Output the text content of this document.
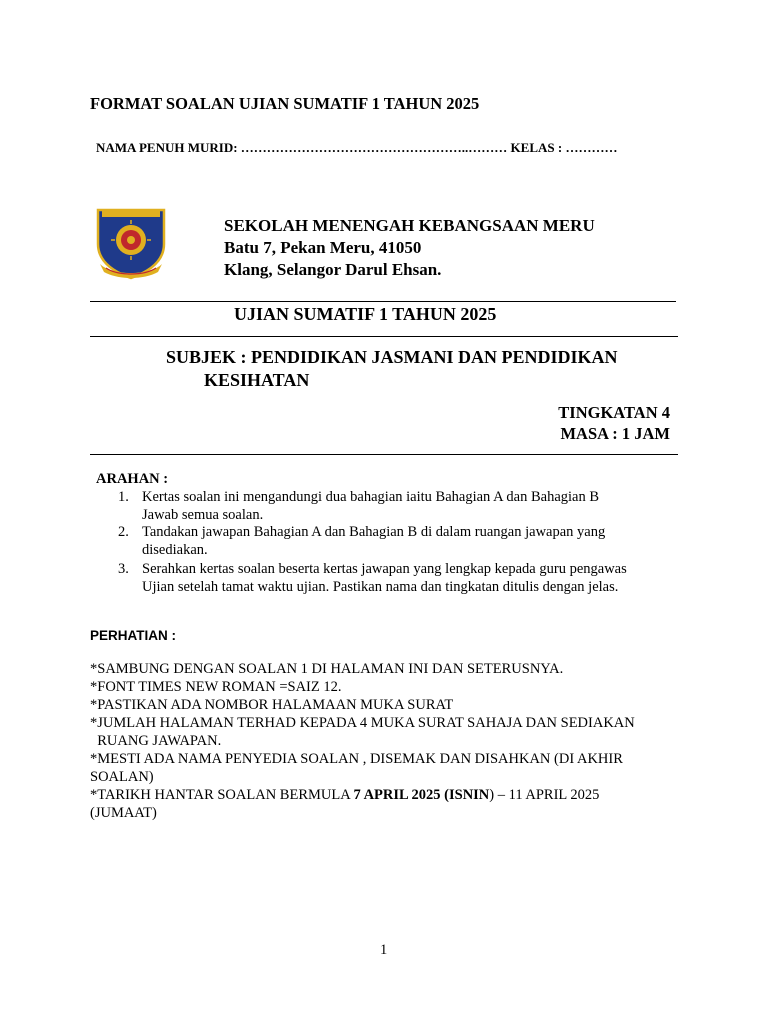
FORMAT SOALAN UJIAN SUMATIF 1 TAHUN 2025
NAMA PENUH MURID: ……………………………………………..……… KELAS : …………
SEKOLAH MENENGAH KEBANGSAAN MERU
Batu 7, Pekan Meru, 41050
Klang, Selangor Darul Ehsan.
UJIAN SUMATIF 1 TAHUN 2025
SUBJEK : PENDIDIKAN JASMANI DAN PENDIDIKAN
KESIHATAN
TINGKATAN 4
MASA : 1 JAM
ARAHAN :
1. Kertas soalan ini mengandungi dua bahagian iaitu Bahagian A dan Bahagian B
Jawab semua soalan.
2. Tandakan jawapan Bahagian A dan Bahagian B di dalam ruangan jawapan yang
disediakan.
3. Serahkan kertas soalan beserta kertas jawapan yang lengkap kepada guru pengawas
Ujian setelah tamat waktu ujian. Pastikan nama dan tingkatan ditulis dengan jelas.
PERHATIAN :
*SAMBUNG DENGAN SOALAN 1 DI HALAMAN INI DAN SETERUSNYA.
*FONT TIMES NEW ROMAN =SAIZ 12.
*PASTIKAN ADA NOMBOR HALAMAAN MUKA SURAT
*JUMLAH HALAMAN TERHAD KEPADA 4 MUKA SURAT SAHAJA DAN SEDIAKAN
RUANG JAWAPAN.
*MESTI ADA NAMA PENYEDIA SOALAN , DISEMAK DAN DISAHKAN (DI AKHIR
SOALAN)
*TARIKH HANTAR SOALAN BERMULA 7 APRIL 2025 (ISNIN) – 11 APRIL 2025
(JUMAAT)
1
